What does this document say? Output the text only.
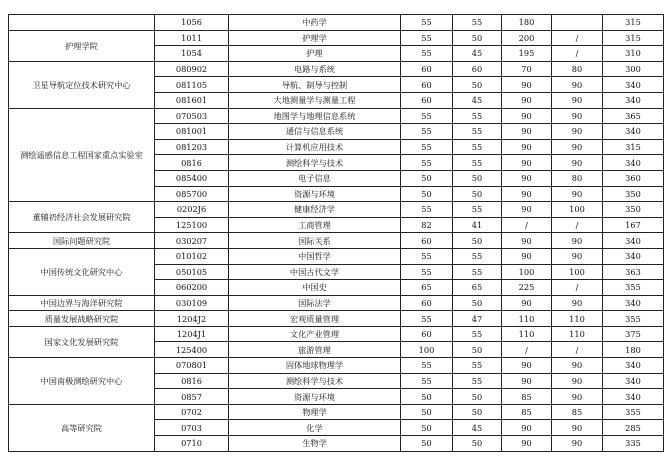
	1056	中药学	55	55	180		315
护理学院	1011	护理学	55	50	200	/	315
	1054	护理	55	45	195	/	310
卫星导航定位技术研究中心	080902	电路与系统	60	60	70	80	300
	081105	导航、制导与控制	60	50	90	90	340
	081601	大地测量学与测量工程	60	45	90	90	340
测绘遥感信息工程国家重点实验室	070503	地图学与地理信息系统	55	55	90	90	365
	081001	通信与信息系统	55	55	90	90	340
	081203	计算机应用技术	55	55	90	90	315
	0816	测绘科学与技术	55	55	90	90	340
	085400	电子信息	50	50	90	80	360
	085700	资源与环境	50	50	90	90	350
董辅礽经济社会发展研究院	0202J6	健康经济学	55	55	90	100	350
	125100	工商管理	82	41	/	/	167
国际问题研究院	030207	国际关系	60	50	90	90	340
中国传统文化研究中心	010102	中国哲学	55	55	90	90	340
	050105	中国古代文学	55	55	100	100	363
	060200	中国史	65	65	225	/	355
中国边界与海洋研究院	030109	国际法学	60	50	90	90	340
质量发展战略研究院	1204J2	宏观质量管理	55	47	110	110	355
国家文化发展研究院	1204J1	文化产业管理	60	55	110	110	375
	125400	旅游管理	100	50	/	/	180
中国南极测绘研究中心	070801	固体地球物理学	55	55	90	90	340
	0816	测绘科学与技术	55	55	90	90	340
	0857	资源与环境	50	50	85	90	340
高等研究院	0702	物理学	50	50	85	85	355
	0703	化学	50	45	90	90	285
	0710	生物学	50	50	90	90	335
